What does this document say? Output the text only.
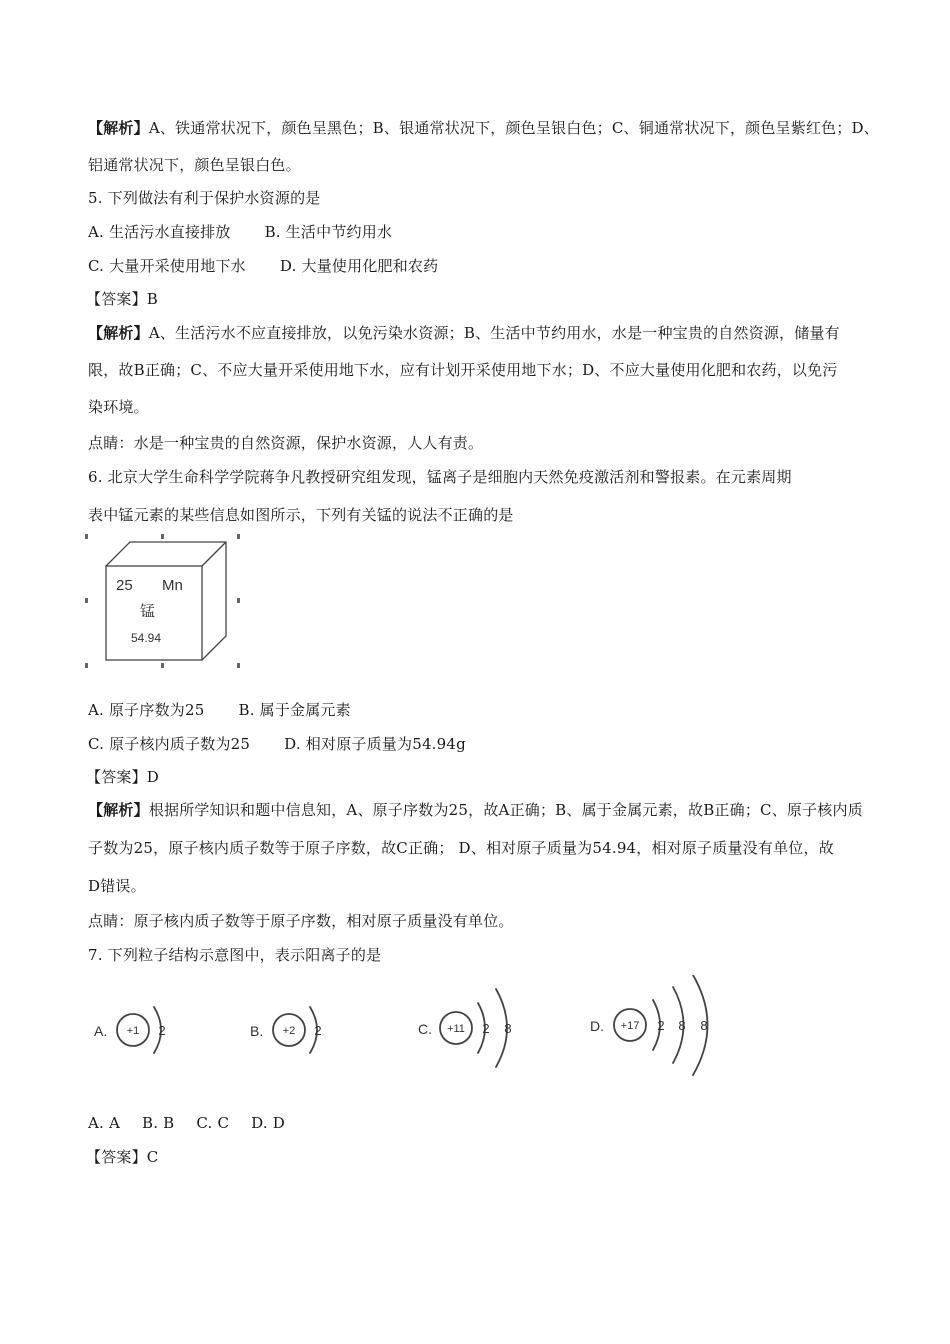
【解析】A、铁通常状况下，颜色呈黑色；B、银通常状况下，颜色呈银白色；C、铜通常状况下，颜色呈紫红色；D、
铝通常状况下，颜色呈银白色。
5. 下列做法有利于保护水资源的是
A. 生活污水直接排放 B. 生活中节约用水
C. 大量开采使用地下水 D. 大量使用化肥和农药
【答案】B
【解析】A、生活污水不应直接排放，以免污染水资源；B、生活中节约用水，水是一种宝贵的自然资源，储量有
限，故B正确；C、不应大量开采使用地下水，应有计划开采使用地下水；D、不应大量使用化肥和农药，以免污
染环境。
点睛：水是一种宝贵的自然资源，保护水资源，人人有责。
6. 北京大学生命科学学院蒋争凡教授研究组发现，锰离子是细胞内天然免疫激活剂和警报素。在元素周期
表中锰元素的某些信息如图所示，下列有关锰的说法不正确的是
25 Mn
锰
54.94
A. 原子序数为25 B. 属于金属元素
C. 原子核内质子数为25 D. 相对原子质量为54.94g
【答案】D
【解析】根据所学知识和题中信息知，A、原子序数为25，故A正确；B、属于金属元素，故B正确；C、原子核内质
子数为25，原子核内质子数等于原子序数，故C正确； D、相对原子质量为54.94，相对原子质量没有单位，故
D错误。
点睛：原子核内质子数等于原子序数，相对原子质量没有单位。
7. 下列粒子结构示意图中，表示阳离子的是
A. +1 2	B. +2 2	C. +11 2 8	D. +17 2 8 8
A. A B. B C. C D. D
【答案】C
